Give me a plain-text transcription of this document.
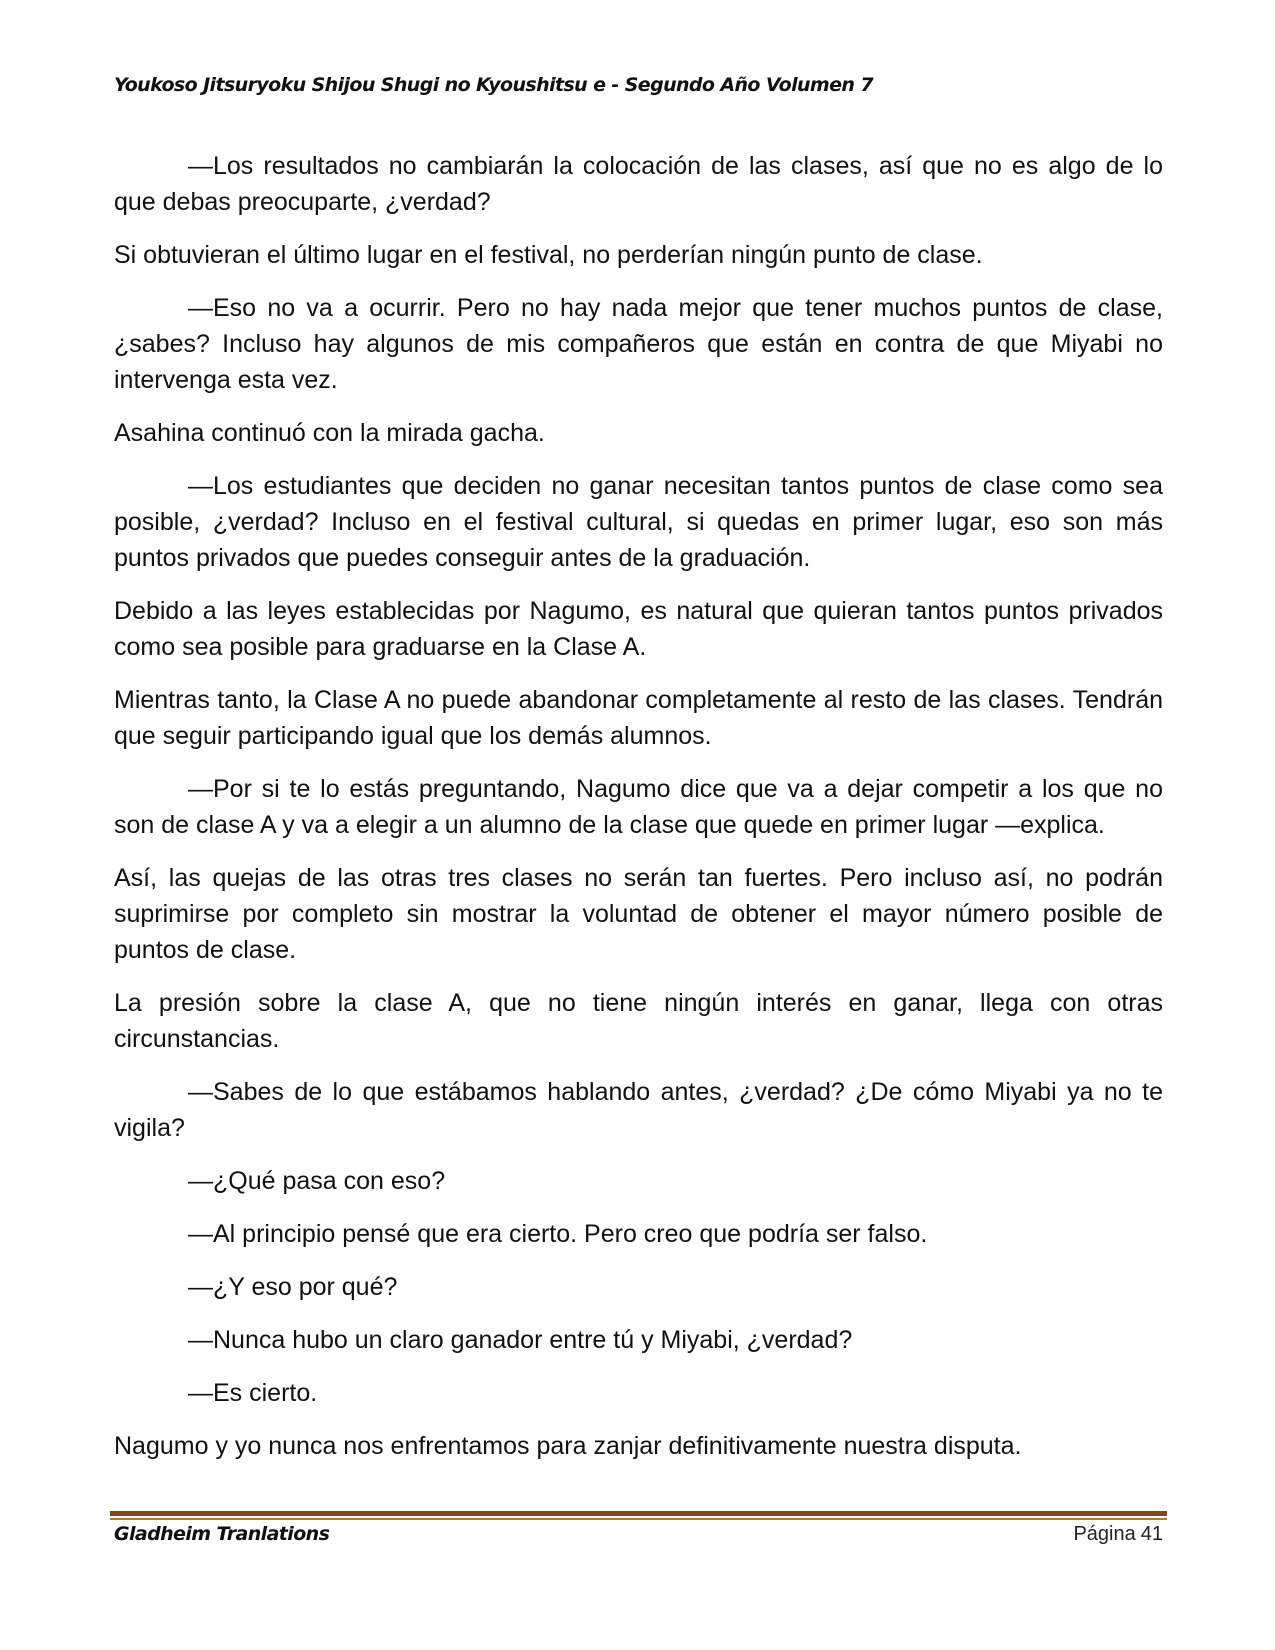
Youkoso Jitsuryoku Shijou Shugi no Kyoushitsu e - Segundo Año Volumen 7

—Los resultados no cambiarán la colocación de las clases, así que no es algo de lo que debas preocuparte, ¿verdad?

Si obtuvieran el último lugar en el festival, no perderían ningún punto de clase.

—Eso no va a ocurrir. Pero no hay nada mejor que tener muchos puntos de clase, ¿sabes? Incluso hay algunos de mis compañeros que están en contra de que Miyabi no intervenga esta vez.

Asahina continuó con la mirada gacha.

—Los estudiantes que deciden no ganar necesitan tantos puntos de clase como sea posible, ¿verdad? Incluso en el festival cultural, si quedas en primer lugar, eso son más puntos privados que puedes conseguir antes de la graduación.

Debido a las leyes establecidas por Nagumo, es natural que quieran tantos puntos privados como sea posible para graduarse en la Clase A.

Mientras tanto, la Clase A no puede abandonar completamente al resto de las clases. Tendrán que seguir participando igual que los demás alumnos.

—Por si te lo estás preguntando, Nagumo dice que va a dejar competir a los que no son de clase A y va a elegir a un alumno de la clase que quede en primer lugar —explica.

Así, las quejas de las otras tres clases no serán tan fuertes. Pero incluso así, no podrán suprimirse por completo sin mostrar la voluntad de obtener el mayor número posible de puntos de clase.

La presión sobre la clase A, que no tiene ningún interés en ganar, llega con otras circunstancias.

—Sabes de lo que estábamos hablando antes, ¿verdad? ¿De cómo Miyabi ya no te vigila?

—¿Qué pasa con eso?

—Al principio pensé que era cierto. Pero creo que podría ser falso.

—¿Y eso por qué?

—Nunca hubo un claro ganador entre tú y Miyabi, ¿verdad?

—Es cierto.

Nagumo y yo nunca nos enfrentamos para zanjar definitivamente nuestra disputa.

Gladheim Tranlations	Página 41
